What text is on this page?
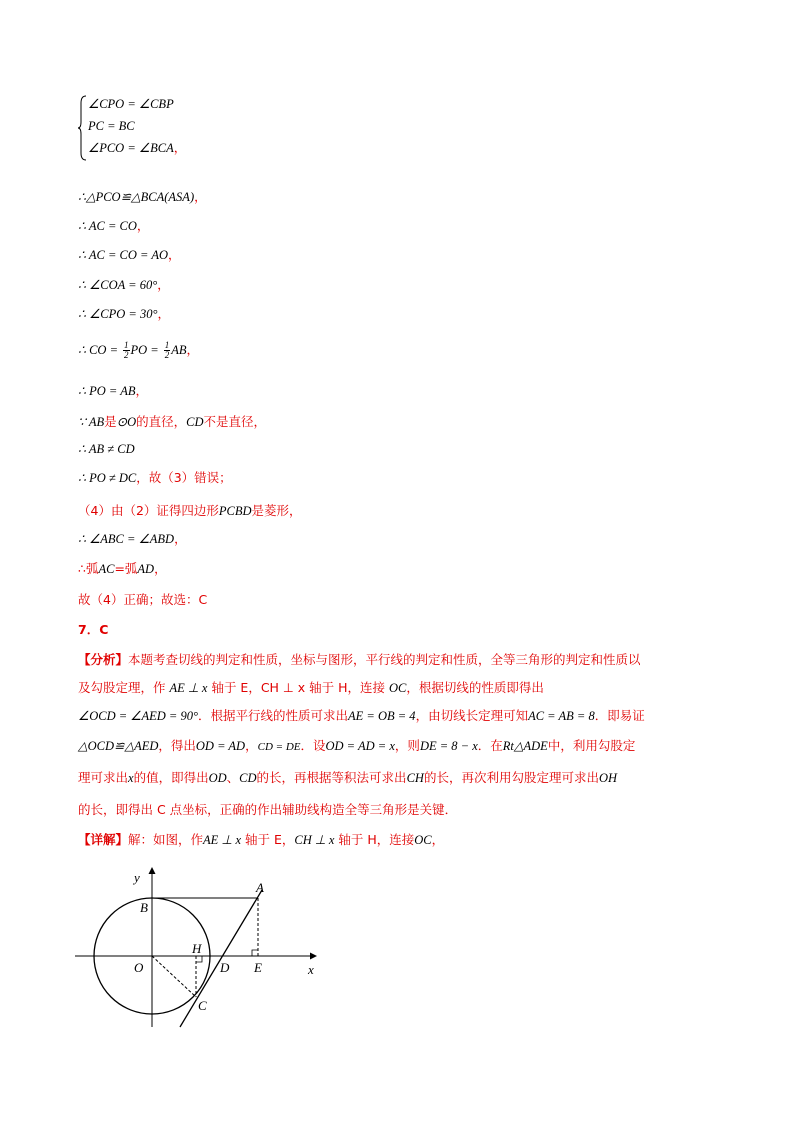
∠CPO = ∠CBP
PC = BC
∠PCO = ∠BCA，
∴△PCO≌△BCA(ASA)，
∴ AC = CO，
∴ AC = CO = AO，
∴ ∠COA = 60°，
∴ ∠CPO = 30°，
∴ CO = $\frac{1}{2}$ PO = $\frac{1}{2}$ AB，
∴ PO = AB，
∵ AB是⊙O的直径，CD不是直径，
∴ AB ≠ CD
∴ PO ≠ DC，故（3）错误；
（4）由（2）证得四边形PCBD是菱形，
∴ ∠ABC = ∠ABD，
∴弧AC=弧AD，
故（4）正确；故选：C
7．C
【分析】本题考查切线的判定和性质，坐标与图形，平行线的判定和性质，全等三角形的判定和性质以
及勾股定理，作 AE ⊥ x 轴于 E，CH ⊥ x 轴于 H，连接 OC，根据切线的性质即得出
∠OCD = ∠AED = 90°．根据平行线的性质可求出AE = OB = 4，由切线长定理可知AC = AB = 8．即易证
△OCD≌△AED，得出OD = AD，CD = DE．设OD = AD = x，则DE = 8 − x．在Rt△ADE中，利用勾股定
理可求出x的值，即得出OD、CD的长，再根据等积法可求出CH的长，再次利用勾股定理可求出OH
的长，即得出 C 点坐标，正确的作出辅助线构造全等三角形是关键．
【详解】解：如图，作AE ⊥ x 轴于 E，CH ⊥ x 轴于 H，连接OC，
y
x
A
B
H
O	D E
C
